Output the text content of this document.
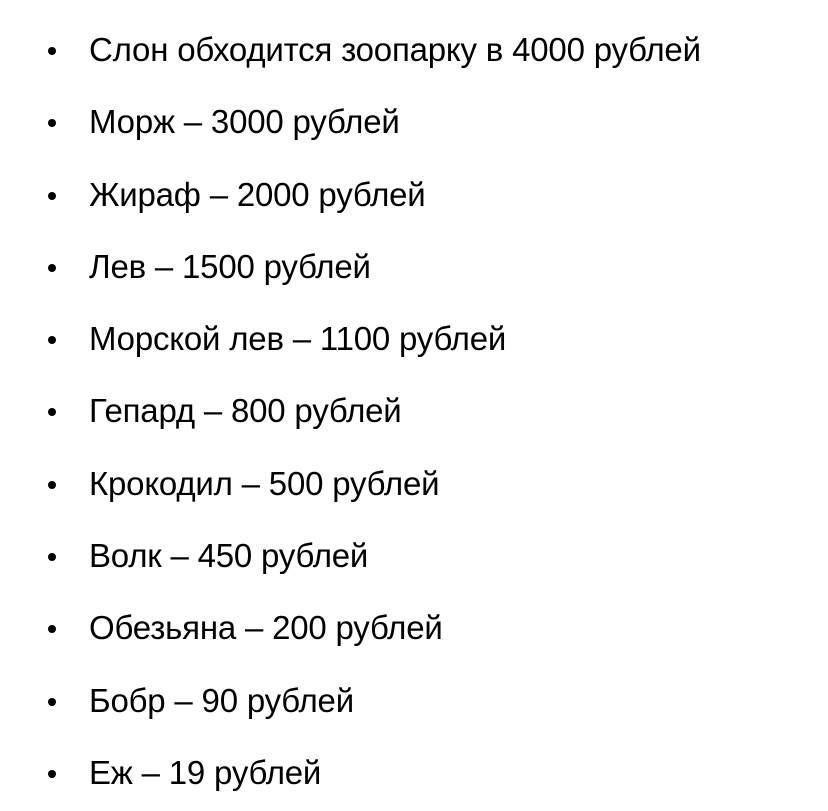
Слон обходится зоопарку в 4000 рублей
Морж – 3000 рублей
Жираф – 2000 рублей
Лев – 1500 рублей
Морской лев – 1100 рублей
Гепард – 800 рублей
Крокодил – 500 рублей
Волк – 450 рублей
Обезьяна – 200 рублей
Бобр – 90 рублей
Еж – 19 рублей
